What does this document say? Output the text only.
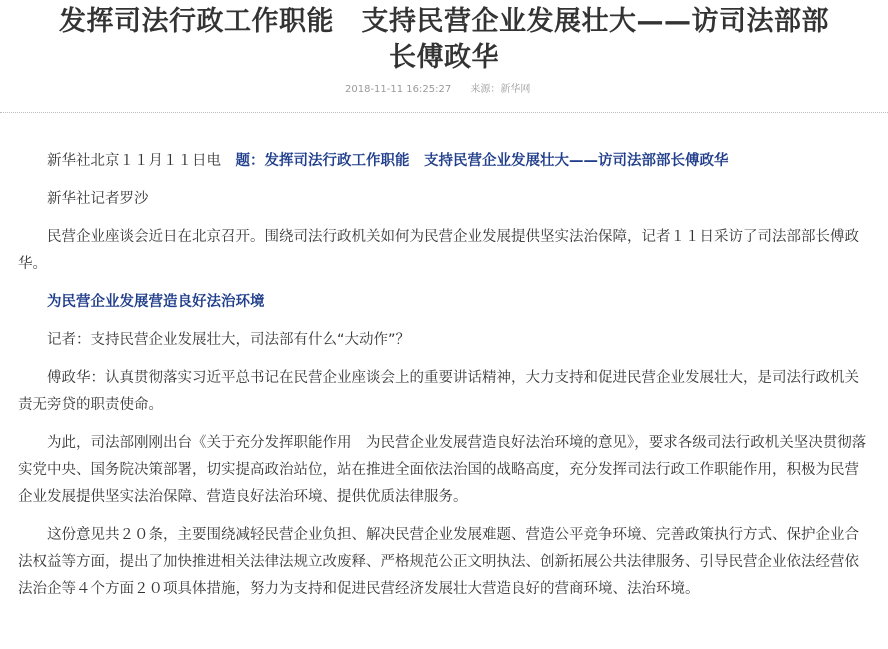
发挥司法行政工作职能　支持民营企业发展壮大——访司法部部
长傅政华
2018-11-11 16:25:27 来源：新华网

新华社北京１１月１１日电　 题：发挥司法行政工作职能　支持民营企业发展壮大——访司法部部长傅政华

新华社记者罗沙

民营企业座谈会近日在北京召开。围绕司法行政机关如何为民营企业发展提供坚实法治保障，记者１１日采访了司法部部长傅政华。

为民营企业发展营造良好法治环境

记者：支持民营企业发展壮大，司法部有什么“大动作”？

傅政华：认真贯彻落实习近平总书记在民营企业座谈会上的重要讲话精神，大力支持和促进民营企业发展壮大，是司法行政机关责无旁贷的职责使命。

为此，司法部刚刚出台《关于充分发挥职能作用　为民营企业发展营造良好法治环境的意见》，要求各级司法行政机关坚决贯彻落实党中央、国务院决策部署，切实提高政治站位，站在推进全面依法治国的战略高度，充分发挥司法行政工作职能作用，积极为民营企业发展提供坚实法治保障、营造良好法治环境、提供优质法律服务。

这份意见共２０条，主要围绕减轻民营企业负担、解决民营企业发展难题、营造公平竞争环境、完善政策执行方式、保护企业合法权益等方面，提出了加快推进相关法律法规立改废释、严格规范公正文明执法、创新拓展公共法律服务、引导民营企业依法经营依法治企等４个方面２０项具体措施，努力为支持和促进民营经济发展壮大营造良好的营商环境、法治环境。
